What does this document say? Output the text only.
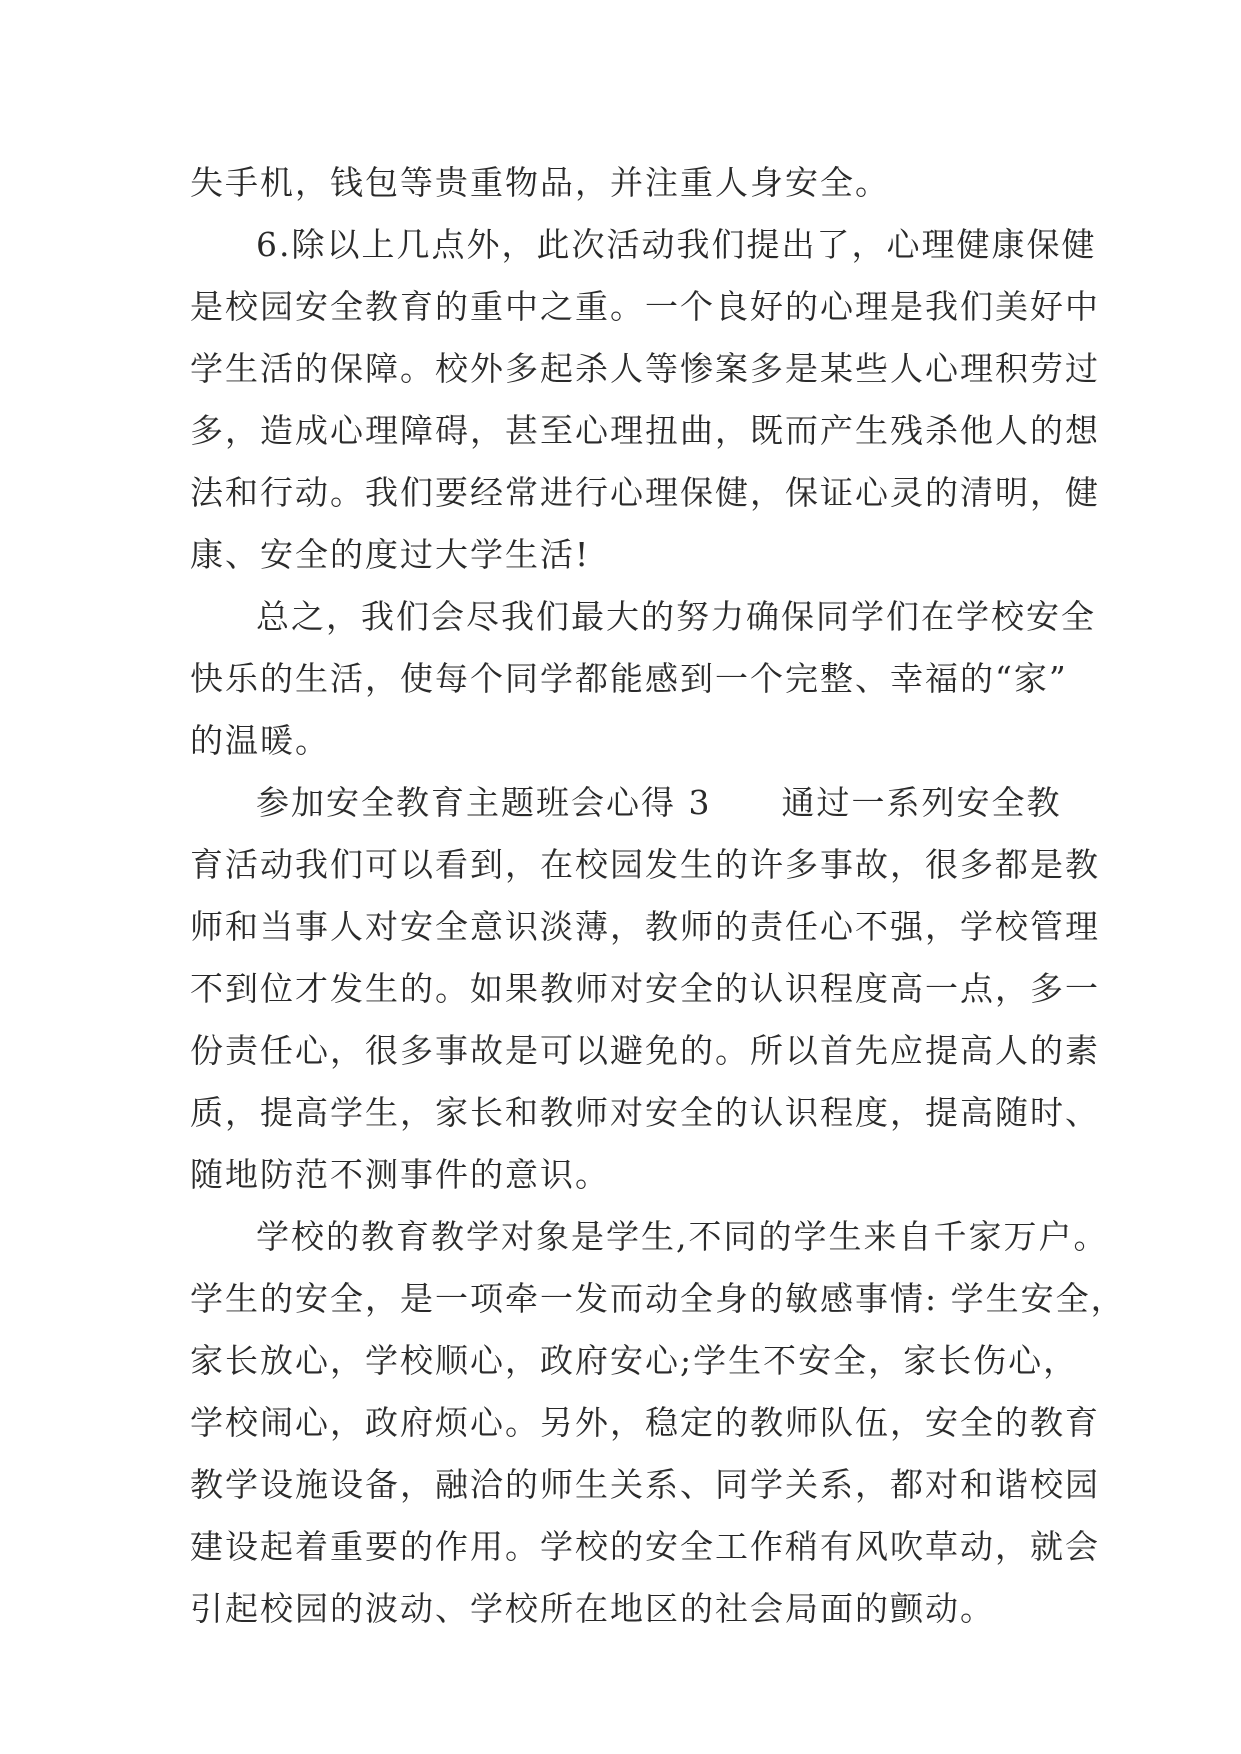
失手机，钱包等贵重物品，并注重人身安全。
6.除以上几点外，此次活动我们提出了，心理健康保健
是校园安全教育的重中之重。一个良好的心理是我们美好中
学生活的保障。校外多起杀人等惨案多是某些人心理积劳过
多，造成心理障碍，甚至心理扭曲，既而产生残杀他人的想
法和行动。我们要经常进行心理保健，保证心灵的清明，健
康、安全的度过大学生活!
总之，我们会尽我们最大的努力确保同学们在学校安全
快乐的生活，使每个同学都能感到一个完整、幸福的“家”
的温暖。
参加安全教育主题班会心得 3　　通过一系列安全教
育活动我们可以看到，在校园发生的许多事故，很多都是教
师和当事人对安全意识淡薄，教师的责任心不强，学校管理
不到位才发生的。如果教师对安全的认识程度高一点，多一
份责任心，很多事故是可以避免的。所以首先应提高人的素
质，提高学生，家长和教师对安全的认识程度，提高随时、
随地防范不测事件的意识。
学校的教育教学对象是学生,不同的学生来自千家万户。
学生的安全，是一项牵一发而动全身的敏感事情: 学生安全，
家长放心，学校顺心，政府安心;学生不安全，家长伤心，
学校闹心，政府烦心。另外，稳定的教师队伍，安全的教育
教学设施设备，融洽的师生关系、同学关系，都对和谐校园
建设起着重要的作用。学校的安全工作稍有风吹草动，就会
引起校园的波动、学校所在地区的社会局面的颤动。
